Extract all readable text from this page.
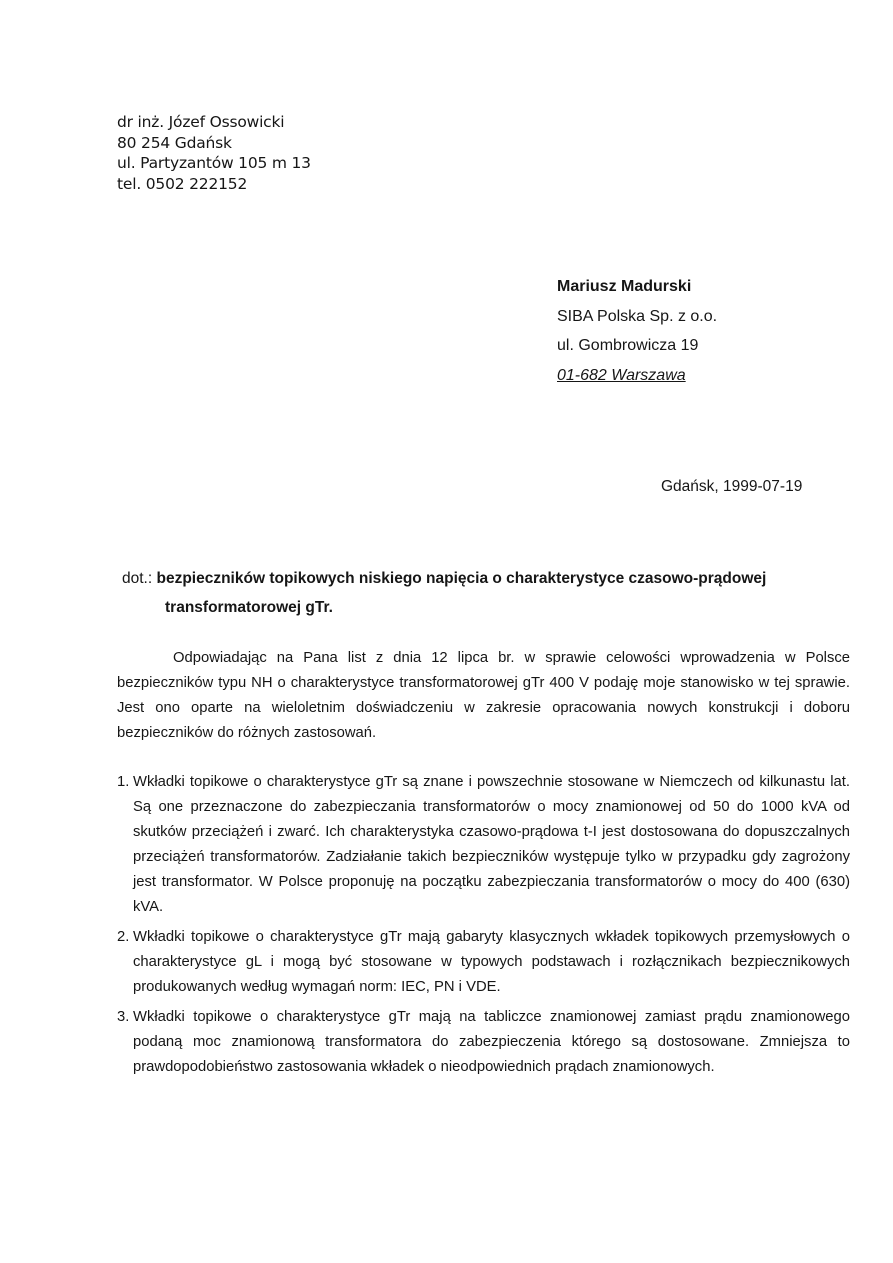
dr inż. Józef Ossowicki
80 254 Gdańsk
ul. Partyzantów 105 m 13
tel. 0502 222152
Mariusz Madurski
SIBA Polska Sp. z o.o.
ul. Gombrowicza 19
01-682 Warszawa
Gdańsk, 1999-07-19
dot.: bezpieczników topikowych niskiego napięcia o charakterystyce czasowo-prądowej
transformatorowej gTr.

Odpowiadając na Pana list z dnia 12 lipca br. w sprawie celowości wprowadzenia w Polsce bezpieczników typu NH o charakterystyce transformatorowej gTr 400 V podaję moje stanowisko w tej sprawie. Jest ono oparte na wieloletnim doświadczeniu w zakresie opracowania nowych konstrukcji i doboru bezpieczników do różnych zastosowań.

1. Wkładki topikowe o charakterystyce gTr są znane i powszechnie stosowane w Niemczech od kilkunastu lat. Są one przeznaczone do zabezpieczania transformatorów o mocy znamionowej od 50 do 1000 kVA od skutków przeciążeń i zwarć. Ich charakterystyka czasowo-prądowa t-I jest dostosowana do dopuszczalnych przeciążeń transformatorów. Zadziałanie takich bezpieczników występuje tylko w przypadku gdy zagrożony jest transformator. W Polsce proponuję na początku zabezpieczania transformatorów o mocy do 400 (630) kVA.
2. Wkładki topikowe o charakterystyce gTr mają gabaryty klasycznych wkładek topikowych przemysłowych o charakterystyce gL i mogą być stosowane w typowych podstawach i rozłącznikach bezpiecznikowych produkowanych według wymagań norm: IEC, PN i VDE.
3. Wkładki topikowe o charakterystyce gTr mają na tabliczce znamionowej zamiast prądu znamionowego podaną moc znamionową transformatora do zabezpieczenia którego są dostosowane. Zmniejsza to prawdopodobieństwo zastosowania wkładek o nieodpowiednich prądach znamionowych.
